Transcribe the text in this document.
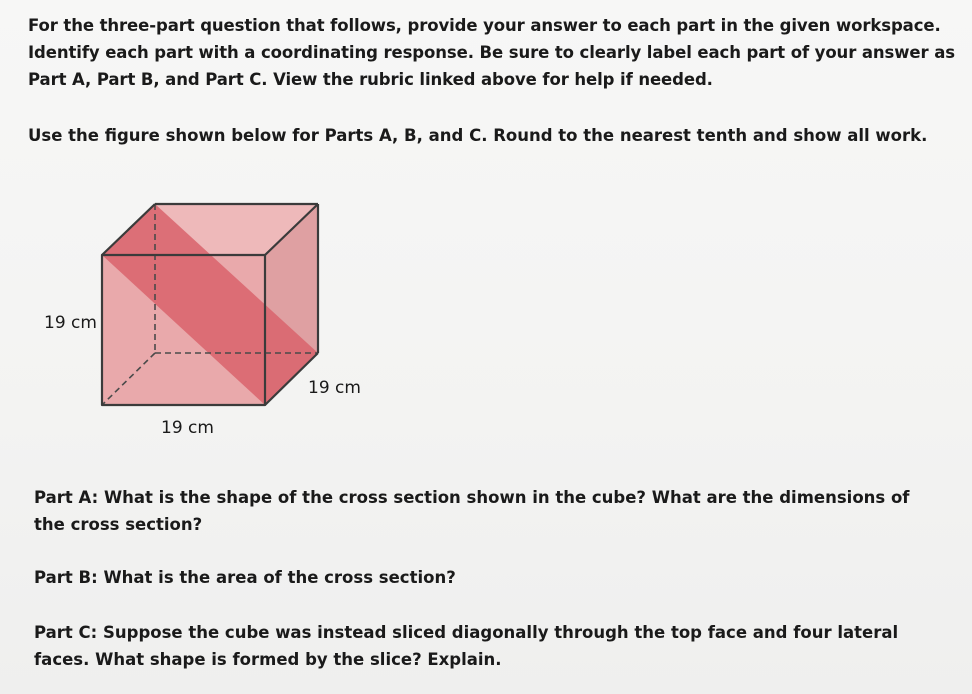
For the three-part question that follows, provide your answer to each part in the given workspace. Identify each part with a coordinating response. Be sure to clearly label each part of your answer as Part A, Part B, and Part C. View the rubric linked above for help if needed.

Use the figure shown below for Parts A, B, and C. Round to the nearest tenth and show all work.

19 cm
19 cm
19 cm

Part A: What is the shape of the cross section shown in the cube? What are the dimensions of the cross section?

Part B: What is the area of the cross section?

Part C: Suppose the cube was instead sliced diagonally through the top face and four lateral faces. What shape is formed by the slice? Explain.
